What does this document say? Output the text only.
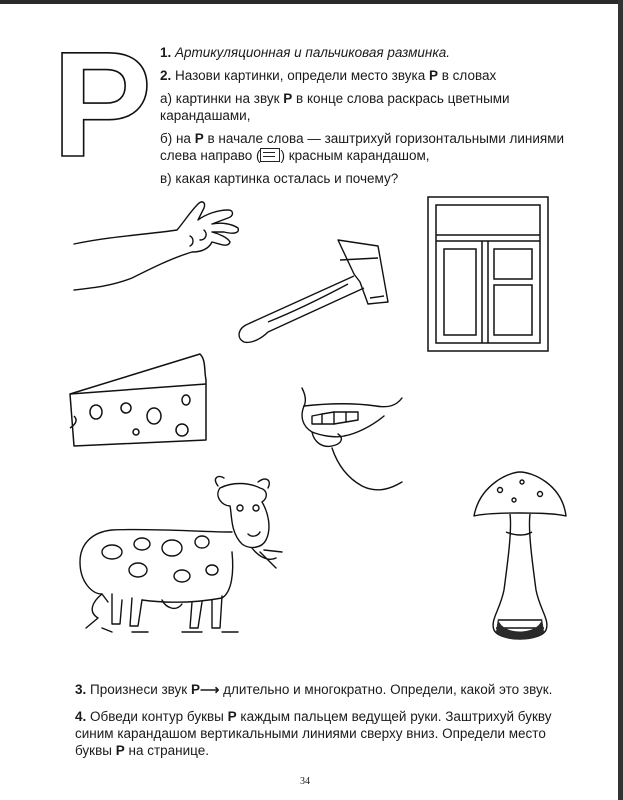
Р 1. Артикуляционная и пальчиковая разминка.

2. Назови картинки, определи место звука Р в словах

а) картинки на звук Р в конце слова раскрась цветными карандашами,

б) на Р в начале слова — заштрихуй горизонтальными линиями слева направо ( ) красным карандашом,

в) какая картинка осталась и почему?

3. Произнеси звук Р⟶ длительно и многократно. Определи, какой это звук.
4. Обведи контур буквы Р каждым пальцем ведущей руки. Заштрихуй букву синим карандашом вертикальными линиями сверху вниз. Определи место буквы Р на странице.
34
